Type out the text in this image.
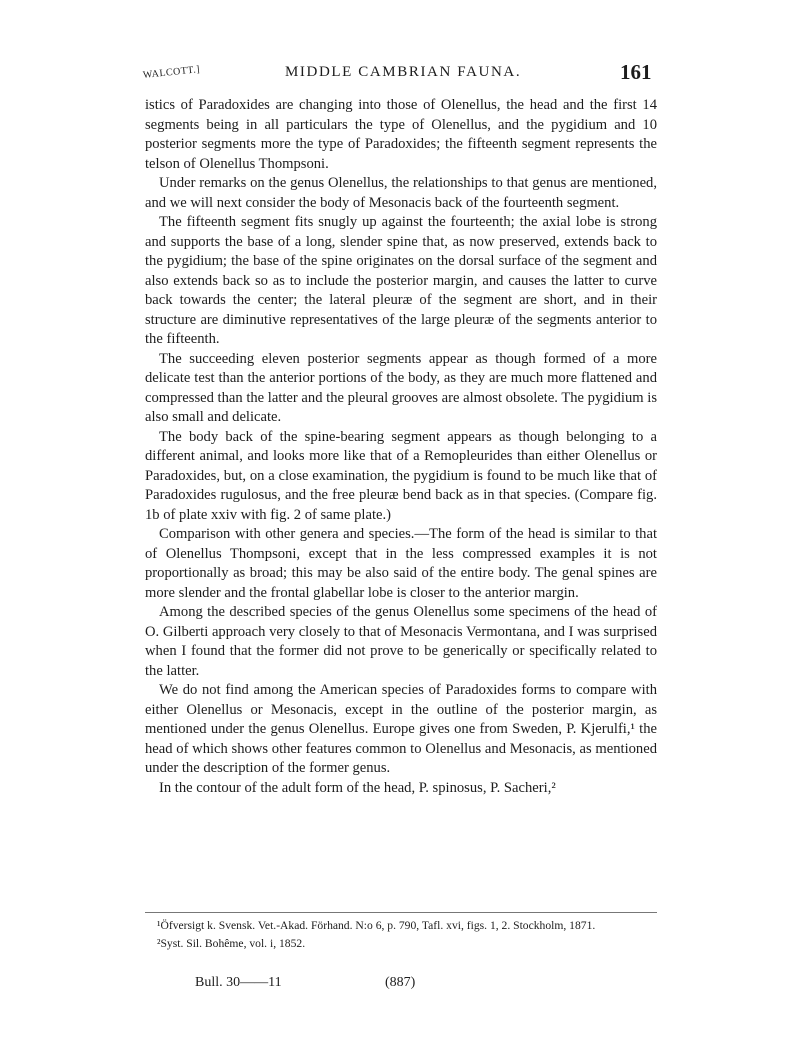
WALCOTT.]	MIDDLE CAMBRIAN FAUNA.	161

istics of Paradoxides are changing into those of Olenellus, the head and the first 14 segments being in all particulars the type of Olenellus, and the pygidium and 10 posterior segments more the type of Paradoxides; the fifteenth segment represents the telson of Olenellus Thompsoni.

Under remarks on the genus Olenellus, the relationships to that genus are mentioned, and we will next consider the body of Mesonacis back of the fourteenth segment.

The fifteenth segment fits snugly up against the fourteenth; the axial lobe is strong and supports the base of a long, slender spine that, as now preserved, extends back to the pygidium; the base of the spine originates on the dorsal surface of the segment and also extends back so as to include the posterior margin, and causes the latter to curve back towards the center; the lateral pleuræ of the segment are short, and in their structure are diminutive representatives of the large pleuræ of the segments anterior to the fifteenth.

The succeeding eleven posterior segments appear as though formed of a more delicate test than the anterior portions of the body, as they are much more flattened and compressed than the latter and the pleural grooves are almost obsolete. The pygidium is also small and delicate.

The body back of the spine-bearing segment appears as though belonging to a different animal, and looks more like that of a Remopleurides than either Olenellus or Paradoxides, but, on a close examination, the pygidium is found to be much like that of Paradoxides rugulosus, and the free pleuræ bend back as in that species. (Compare fig. 1b of plate xxiv with fig. 2 of same plate.)

Comparison with other genera and species.—The form of the head is similar to that of Olenellus Thompsoni, except that in the less compressed examples it is not proportionally as broad; this may be also said of the entire body. The genal spines are more slender and the frontal glabellar lobe is closer to the anterior margin.

Among the described species of the genus Olenellus some specimens of the head of O. Gilberti approach very closely to that of Mesonacis Vermontana, and I was surprised when I found that the former did not prove to be generically or specifically related to the latter.

We do not find among the American species of Paradoxides forms to compare with either Olenellus or Mesonacis, except in the outline of the posterior margin, as mentioned under the genus Olenellus. Europe gives one from Sweden, P. Kjerulfi,¹ the head of which shows other features common to Olenellus and Mesonacis, as mentioned under the description of the former genus.

In the contour of the adult form of the head, P. spinosus, P. Sacheri,²

¹Öfversigt k. Svensk. Vet.-Akad. Förhand. N:o 6, p. 790, Tafl. xvi, figs. 1, 2. Stockholm, 1871.

²Syst. Sil. Bohême, vol. i, 1852.

Bull. 30——11	(887)
